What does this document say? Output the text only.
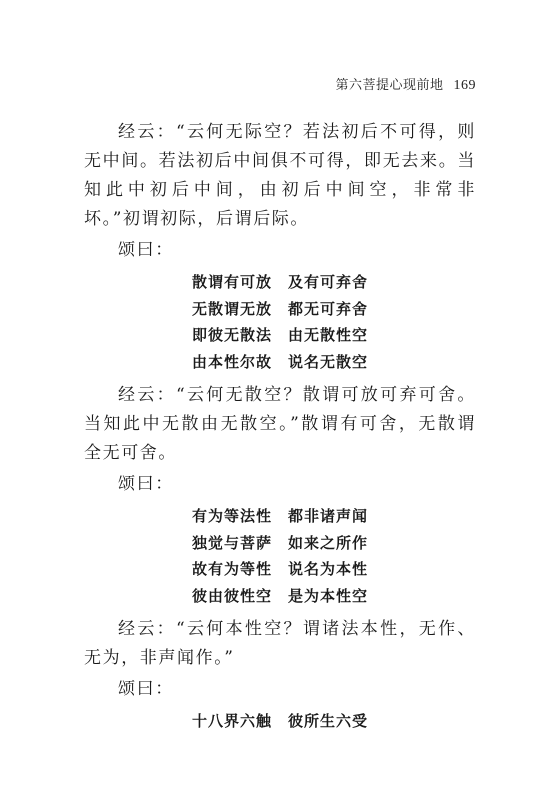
第六菩提心现前地 169

经云：“云何无际空？若法初后不可得，则无中间。若法初后中间俱不可得，即无去来。当知此中初后中间，由初后中间空，非常非坏。”初谓初际，后谓后际。

颂曰：

散谓有可放 及有可弃舍
无散谓无放 都无可弃舍
即彼无散法 由无散性空
由本性尔故 说名无散空

经云：“云何无散空？散谓可放可弃可舍。当知此中无散由无散空。”散谓有可舍，无散谓全无可舍。

颂曰：

有为等法性 都非诸声闻
独觉与菩萨 如来之所作
故有为等性 说名为本性
彼由彼性空 是为本性空

经云：“云何本性空？谓诸法本性，无作、无为，非声闻作。”

颂曰：

十八界六触 彼所生六受
